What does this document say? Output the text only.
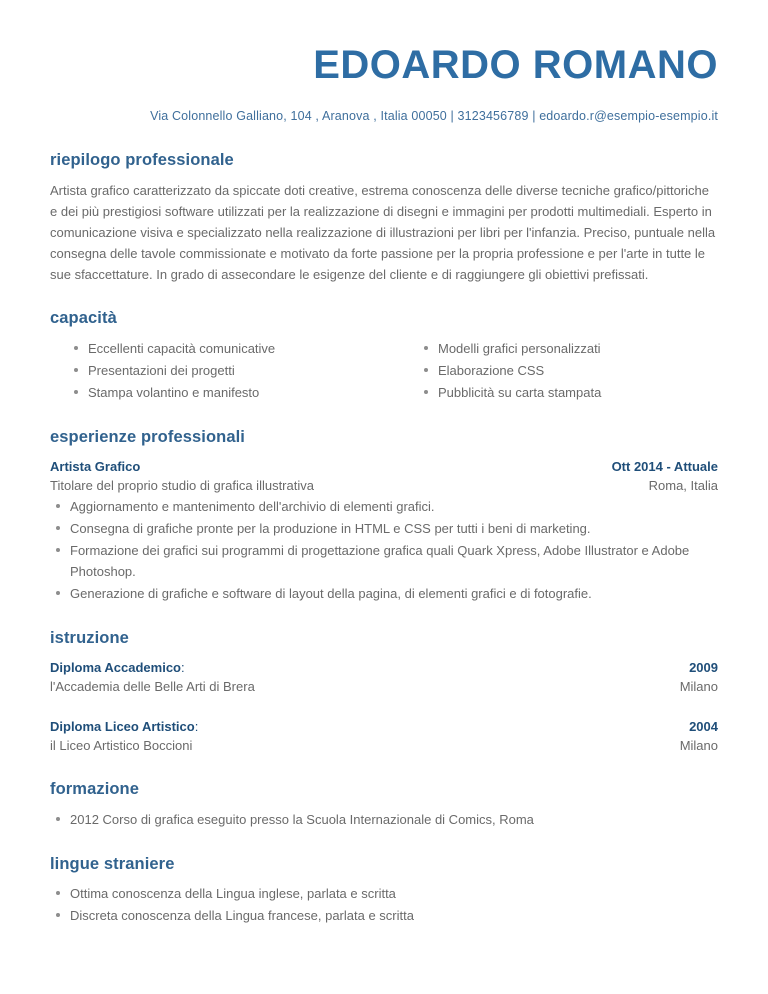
EDOARDO ROMANO
Via Colonnello Galliano, 104 , Aranova , Italia 00050 | 3123456789 | edoardo.r@esempio-esempio.it
riepilogo professionale

Artista grafico caratterizzato da spiccate doti creative, estrema conoscenza delle diverse tecniche grafico/pittoriche e dei più prestigiosi software utilizzati per la realizzazione di disegni e immagini per prodotti multimediali. Esperto in comunicazione visiva e specializzato nella realizzazione di illustrazioni per libri per l'infanzia. Preciso, puntuale nella consegna delle tavole commissionate e motivato da forte passione per la propria professione e per l'arte in tutte le sue sfaccettature. In grado di assecondare le esigenze del cliente e di raggiungere gli obiettivi prefissati.

capacità
Eccellenti capacità comunicative
Presentazioni dei progetti
Stampa volantino e manifesto
Modelli grafici personalizzati
Elaborazione CSS
Pubblicità su carta stampata
esperienze professionali
Artista Grafico	Ott 2014 - Attuale
Titolare del proprio studio di grafica illustrativa	Roma, Italia
Aggiornamento e mantenimento dell'archivio di elementi grafici.
Consegna di grafiche pronte per la produzione in HTML e CSS per tutti i beni di marketing.
Formazione dei grafici sui programmi di progettazione grafica quali Quark Xpress, Adobe Illustrator e Adobe Photoshop.
Generazione di grafiche e software di layout della pagina, di elementi grafici e di fotografie.
istruzione
Diploma Accademico:	2009
l'Accademia delle Belle Arti di Brera	Milano
Diploma Liceo Artistico:	2004
il Liceo Artistico Boccioni	Milano
formazione
2012 Corso di grafica eseguito presso la Scuola Internazionale di Comics, Roma
lingue straniere
Ottima conoscenza della Lingua inglese, parlata e scritta
Discreta conoscenza della Lingua francese, parlata e scritta
